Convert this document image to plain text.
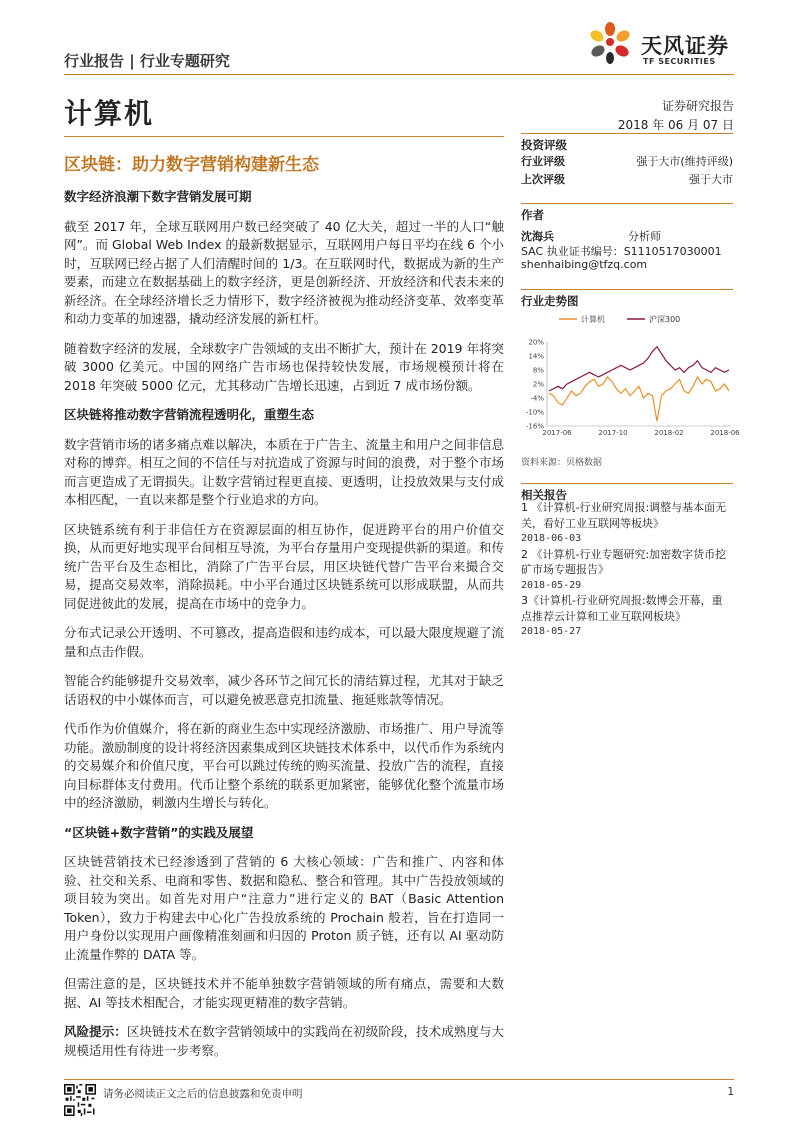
行业报告 | 行业专题研究
天风证券
TF SECURITIES
计算机	证券研究报告
2018 年 06 月 07 日
区块链：助力数字营销构建新生态
数字经济浪潮下数字营销发展可期

截至 2017 年，全球互联网用户数已经突破了 40 亿大关，超过一半的人口“触网”。而 Global Web Index 的最新数据显示，互联网用户每日平均在线 6 个小时，互联网已经占据了人们清醒时间的 1/3。在互联网时代，数据成为新的生产要素，而建立在数据基础上的数字经济，更是创新经济、开放经济和代表未来的新经济。在全球经济增长乏力情形下，数字经济被视为推动经济变革、效率变革和动力变革的加速器，撬动经济发展的新杠杆。

随着数字经济的发展，全球数字广告领域的支出不断扩大，预计在 2019 年将突破 3000 亿美元。中国的网络广告市场也保持较快发展，市场规模预计将在 2018 年突破 5000 亿元，尤其移动广告增长迅速，占到近 7 成市场份额。

区块链将推动数字营销流程透明化，重塑生态

数字营销市场的诸多痛点难以解决，本质在于广告主、流量主和用户之间非信息对称的博弈。相互之间的不信任与对抗造成了资源与时间的浪费，对于整个市场而言更造成了无谓损失。让数字营销过程更直接、更透明，让投放效果与支付成本相匹配，一直以来都是整个行业追求的方向。

区块链系统有利于非信任方在资源层面的相互协作，促进跨平台的用户价值交换，从而更好地实现平台间相互导流，为平台存量用户变现提供新的渠道。和传统广告平台及生态相比，消除了广告平台层，用区块链代替广告平台来撮合交易，提高交易效率，消除损耗。中小平台通过区块链系统可以形成联盟，从而共同促进彼此的发展，提高在市场中的竞争力。

分布式记录公开透明、不可篡改，提高造假和违约成本，可以最大限度规避了流量和点击作假。

智能合约能够提升交易效率，减少各环节之间冗长的清结算过程，尤其对于缺乏话语权的中小媒体而言，可以避免被恶意克扣流量、拖延账款等情况。

代币作为价值媒介，将在新的商业生态中实现经济激励、市场推广、用户导流等功能。激励制度的设计将经济因素集成到区块链技术体系中，以代币作为系统内的交易媒介和价值尺度，平台可以跳过传统的购买流量、投放广告的流程，直接向目标群体支付费用。代币让整个系统的联系更加紧密，能够优化整个流量市场中的经济激励，刺激内生增长与转化。

“区块链+数字营销”的实践及展望

区块链营销技术已经渗透到了营销的 6 大核心领域：广告和推广、内容和体验、社交和关系、电商和零售、数据和隐私、整合和管理。其中广告投放领域的项目较为突出。如首先对用户“注意力”进行定义的 BAT（Basic Attention Token），致力于构建去中心化广告投放系统的 Prochain 般若，旨在打造同一用户身份以实现用户画像精准刻画和归因的 Proton 质子链，还有以 AI 驱动防止流量作弊的 DATA 等。

但需注意的是，区块链技术并不能单独数字营销领域的所有痛点，需要和大数据、AI 等技术相配合，才能实现更精准的数字营销。

风险提示：区块链技术在数字营销领域中的实践尚在初级阶段，技术成熟度与大规模适用性有待进一步考察。

投资评级
行业评级	强于大市(维持评级)
上次评级	强于大市
作者
沈海兵	分析师
SAC 执业证书编号：S1110517030001
shenhaibing@tfzq.com
行业走势图
计算机	沪深300
20%
14%
8%
2%
-4%
-10%
-16%
2017-06	2017-10	2018-02	2018-06
资料来源：贝格数据
相关报告
1 《计算机-行业研究周报:调整与基本面无关，看好工业互联网等板块》
2018-06-03
2 《计算机-行业专题研究:加密数字货币挖矿市场专题报告》
2018-05-29
3《计算机-行业研究周报:数博会开幕，重点推荐云计算和工业互联网板块》
2018-05-27
请务必阅读正文之后的信息披露和免责申明	1
